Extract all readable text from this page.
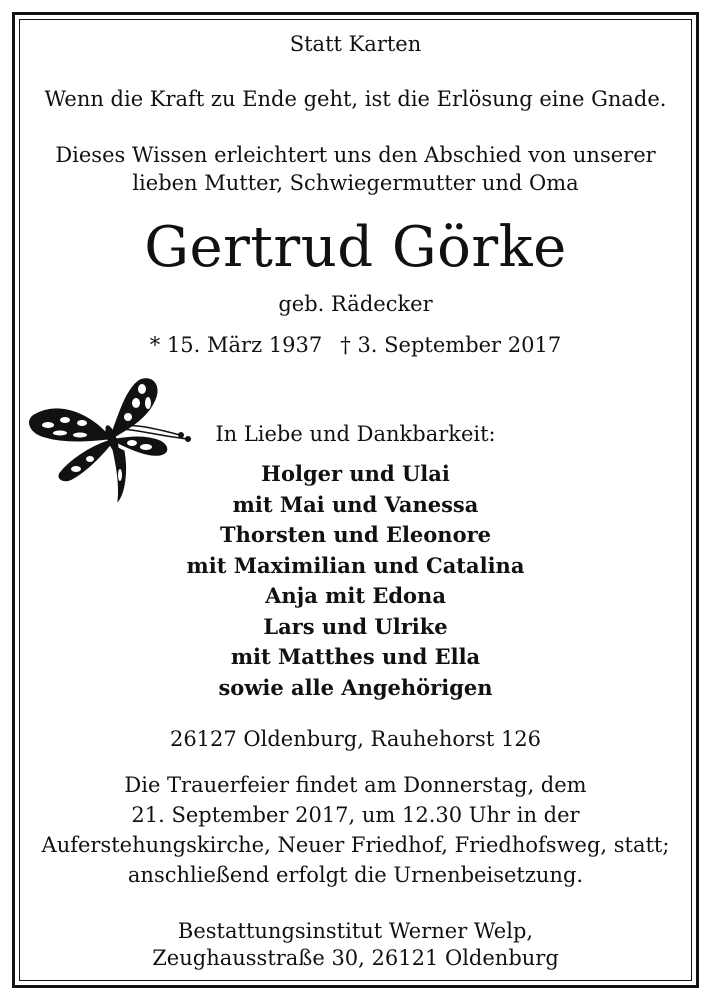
Statt Karten
Wenn die Kraft zu Ende geht, ist die Erlösung eine Gnade.
Dieses Wissen erleichtert uns den Abschied von unserer
lieben Mutter, Schwiegermutter und Oma
Gertrud Görke
geb. Rädecker
* 15. März 1937 † 3. September 2017
In Liebe und Dankbarkeit:
Holger und Ulai
mit Mai und Vanessa
Thorsten und Eleonore
mit Maximilian und Catalina
Anja mit Edona
Lars und Ulrike
mit Matthes und Ella
sowie alle Angehörigen
26127 Oldenburg, Rauhehorst 126
Die Trauerfeier findet am Donnerstag, dem
21. September 2017, um 12.30 Uhr in der
Auferstehungskirche, Neuer Friedhof, Friedhofsweg, statt;
anschließend erfolgt die Urnenbeisetzung.
Bestattungsinstitut Werner Welp,
Zeughausstraße 30, 26121 Oldenburg
